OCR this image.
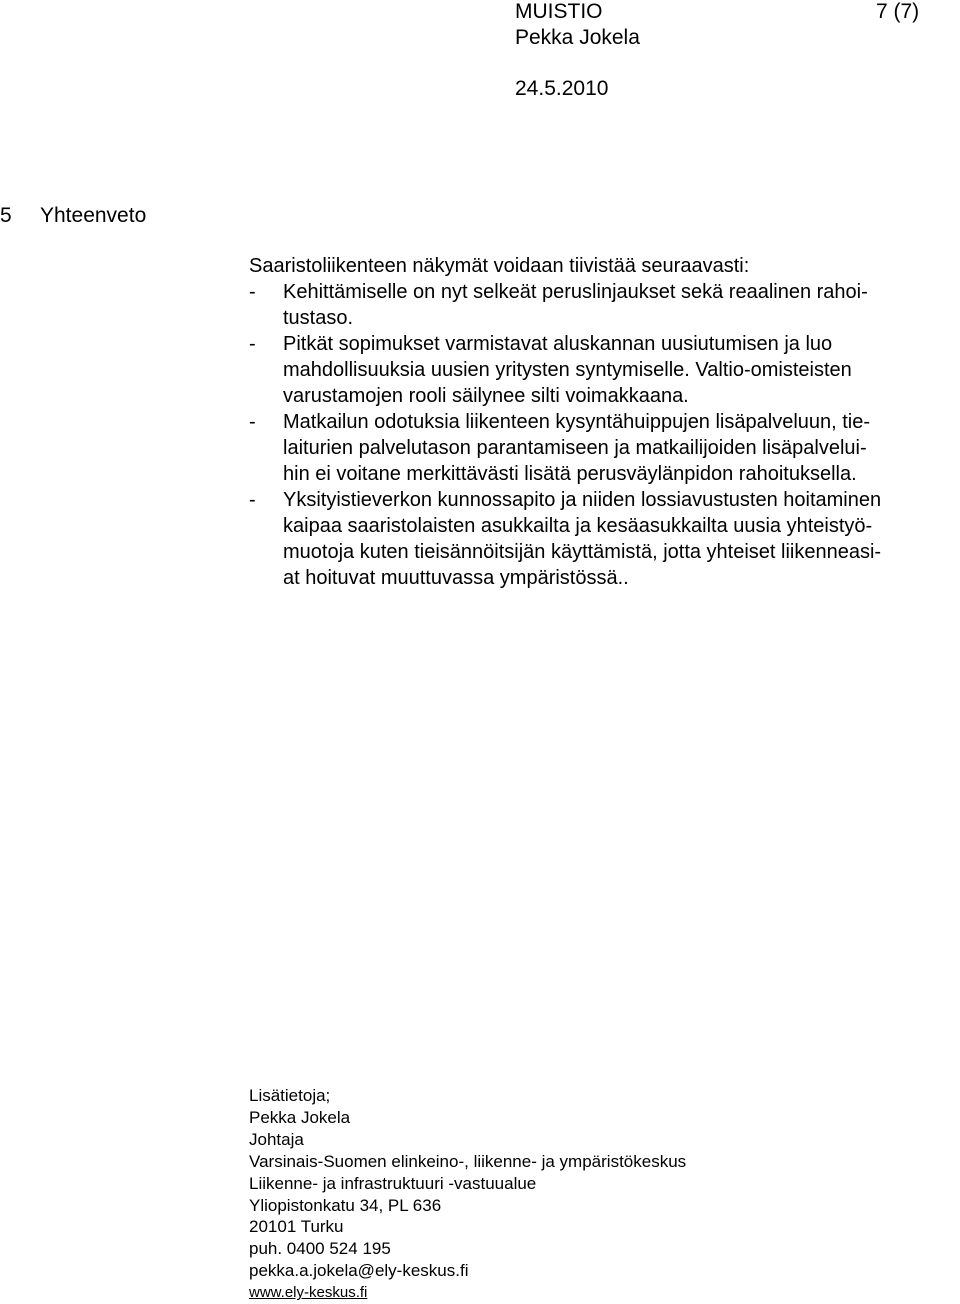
MUISTIO	7 (7)
Pekka Jokela
24.5.2010
5 Yhteenveto

Saaristoliikenteen näkymät voidaan tiivistää seuraavasti:

- Kehittämiselle on nyt selkeät peruslinjaukset sekä reaalinen rahoi-
tustaso.
- Pitkät sopimukset varmistavat aluskannan uusiutumisen ja luo
mahdollisuuksia uusien yritysten syntymiselle. Valtio-omisteisten
varustamojen rooli säilynee silti voimakkaana.
- Matkailun odotuksia liikenteen kysyntähuippujen lisäpalveluun, tie-
laiturien palvelutason parantamiseen ja matkailijoiden lisäpalvelui-
hin ei voitane merkittävästi lisätä perusväylänpidon rahoituksella.
- Yksityistieverkon kunnossapito ja niiden lossiavustusten hoitaminen
kaipaa saaristolaisten asukkailta ja kesäasukkailta uusia yhteistyö-
muotoja kuten tieisännöitsijän käyttämistä, jotta yhteiset liikenneasi-
at hoituvat muuttuvassa ympäristössä..
Lisätietoja;
Pekka Jokela
Johtaja
Varsinais-Suomen elinkeino-, liikenne- ja ympäristökeskus
Liikenne- ja infrastruktuuri -vastuualue
Yliopistonkatu 34, PL 636
20101 Turku
puh. 0400 524 195
pekka.a.jokela@ely-keskus.fi
www.ely-keskus.fi
